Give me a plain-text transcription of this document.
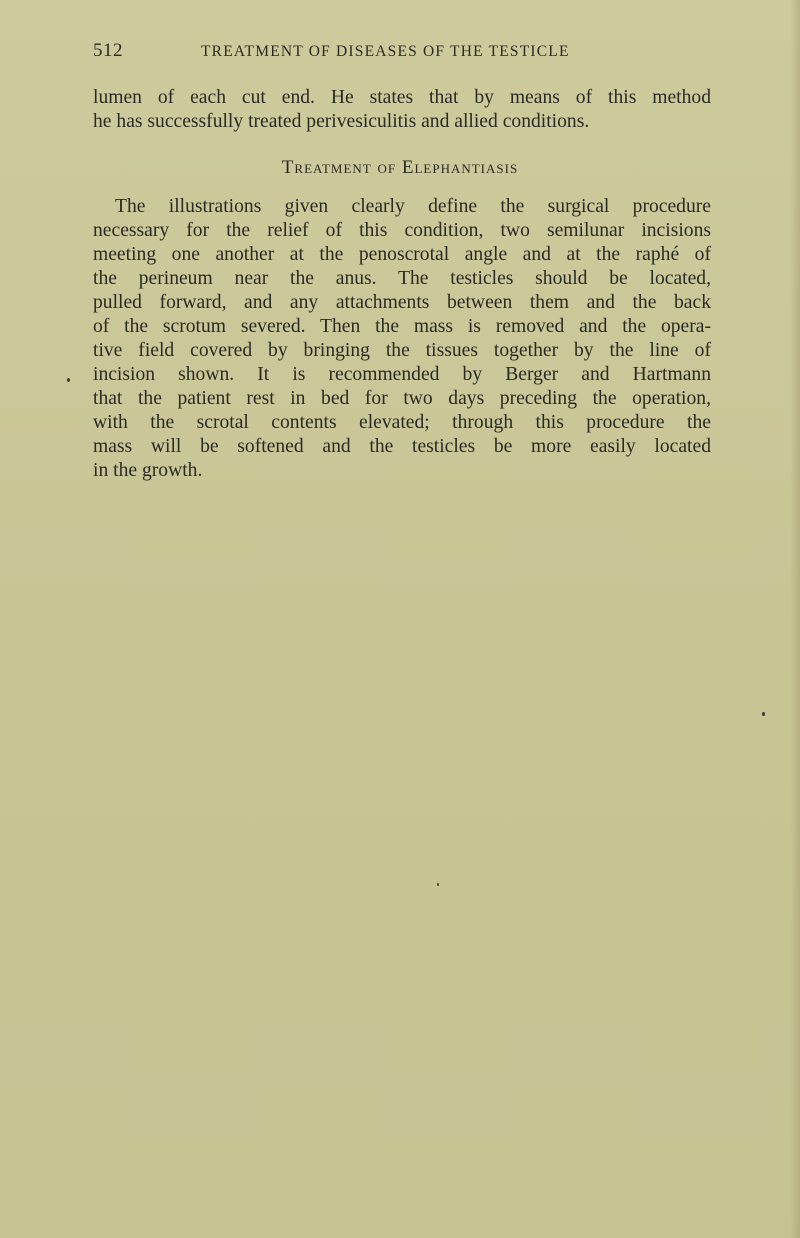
512	TREATMENT OF DISEASES OF THE TESTICLE
lumen of each cut end. He states that by means of this method
he has successfully treated perivesiculitis and allied conditions.
Treatment of Elephantiasis
The illustrations given clearly define the surgical procedure
necessary for the relief of this condition, two semilunar incisions
meeting one another at the penoscrotal angle and at the raphé of
the perineum near the anus. The testicles should be located,
pulled forward, and any attachments between them and the back
of the scrotum severed. Then the mass is removed and the opera-
tive field covered by bringing the tissues together by the line of
incision shown. It is recommended by Berger and Hartmann
that the patient rest in bed for two days preceding the operation,
with the scrotal contents elevated; through this procedure the
mass will be softened and the testicles be more easily located
in the growth.
